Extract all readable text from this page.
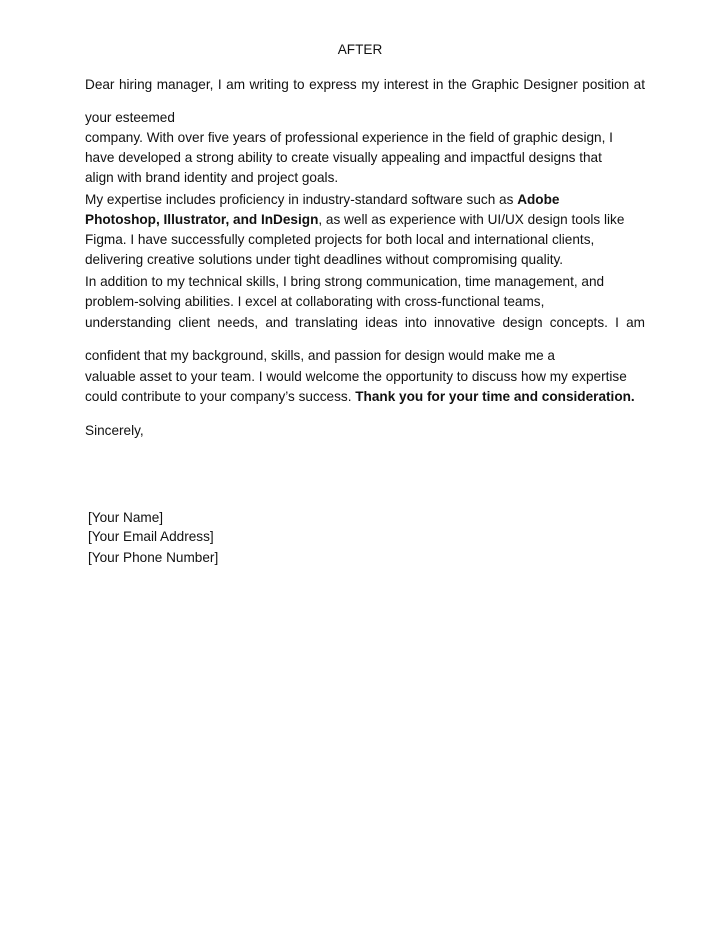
AFTER
Dear hiring manager, I am writing to express my interest in the Graphic Designer position at
your esteemed
company. With over five years of professional experience in the field of graphic design, I
have developed a strong ability to create visually appealing and impactful designs that
align with brand identity and project goals.
My expertise includes proficiency in industry-standard software such as Adobe
Photoshop, Illustrator, and InDesign, as well as experience with UI/UX design tools like
Figma. I have successfully completed projects for both local and international clients,
delivering creative solutions under tight deadlines without compromising quality.
In addition to my technical skills, I bring strong communication, time management, and
problem-solving abilities. I excel at collaborating with cross-functional teams,
understanding client needs, and translating ideas into innovative design concepts. I am
confident that my background, skills, and passion for design would make me a
valuable asset to your team. I would welcome the opportunity to discuss how my expertise
could contribute to your company’s success. Thank you for your time and consideration.
Sincerely,
[Your Name]
[Your Email Address]
[Your Phone Number]
